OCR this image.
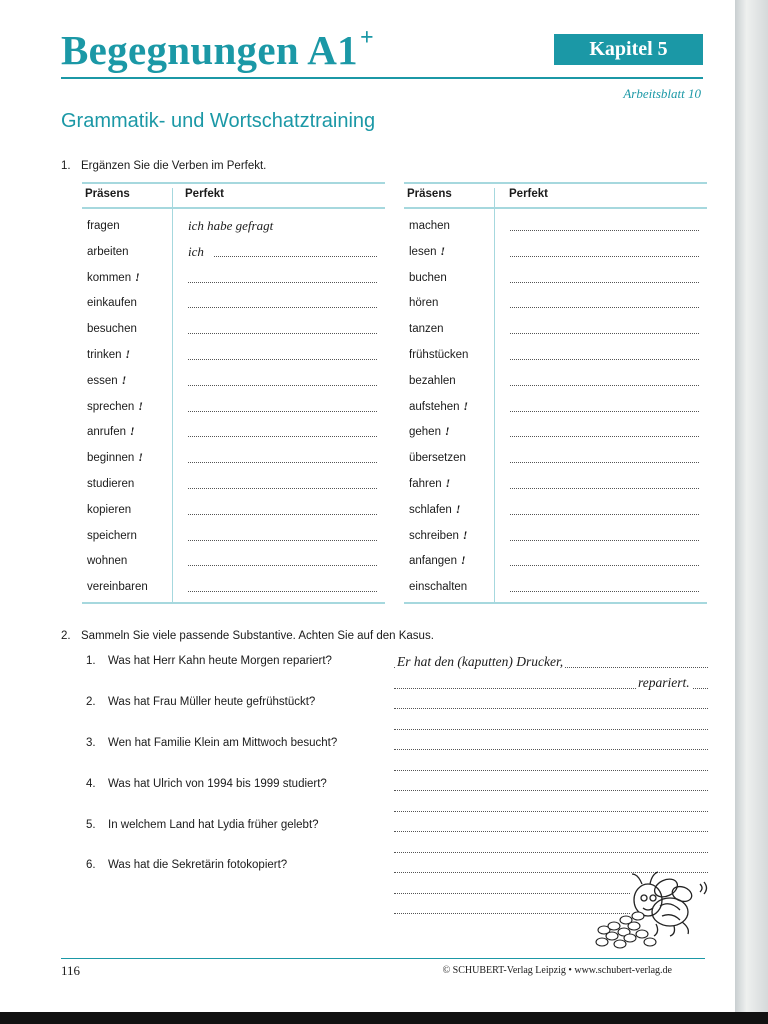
Begegnungen A1+	Kapitel 5
Arbeitsblatt 10
Grammatik- und Wortschatztraining
1. Ergänzen Sie die Verben im Perfekt.
Präsens	Perfekt
fragen	ich habe gefragt
arbeiten	ich
kommen !
einkaufen
besuchen
trinken !
essen !
sprechen !
anrufen !
beginnen !
studieren
kopieren
speichern
wohnen
vereinbaren
Präsens	Perfekt
machen
lesen !
buchen
hören
tanzen
frühstücken
bezahlen
aufstehen !
gehen !
übersetzen
fahren !
schlafen !
schreiben !
anfangen !
einschalten
2. Sammeln Sie viele passende Substantive. Achten Sie auf den Kasus.
1. Was hat Herr Kahn heute Morgen repariert?
2. Was hat Frau Müller heute gefrühstückt?
3. Wen hat Familie Klein am Mittwoch besucht?
4. Was hat Ulrich von 1994 bis 1999 studiert?
5. In welchem Land hat Lydia früher gelebt?
6. Was hat die Sekretärin fotokopiert?
Er hat den (kaputten) Drucker,
repariert.
116	© SCHUBERT-Verlag Leipzig • www.schubert-verlag.de
